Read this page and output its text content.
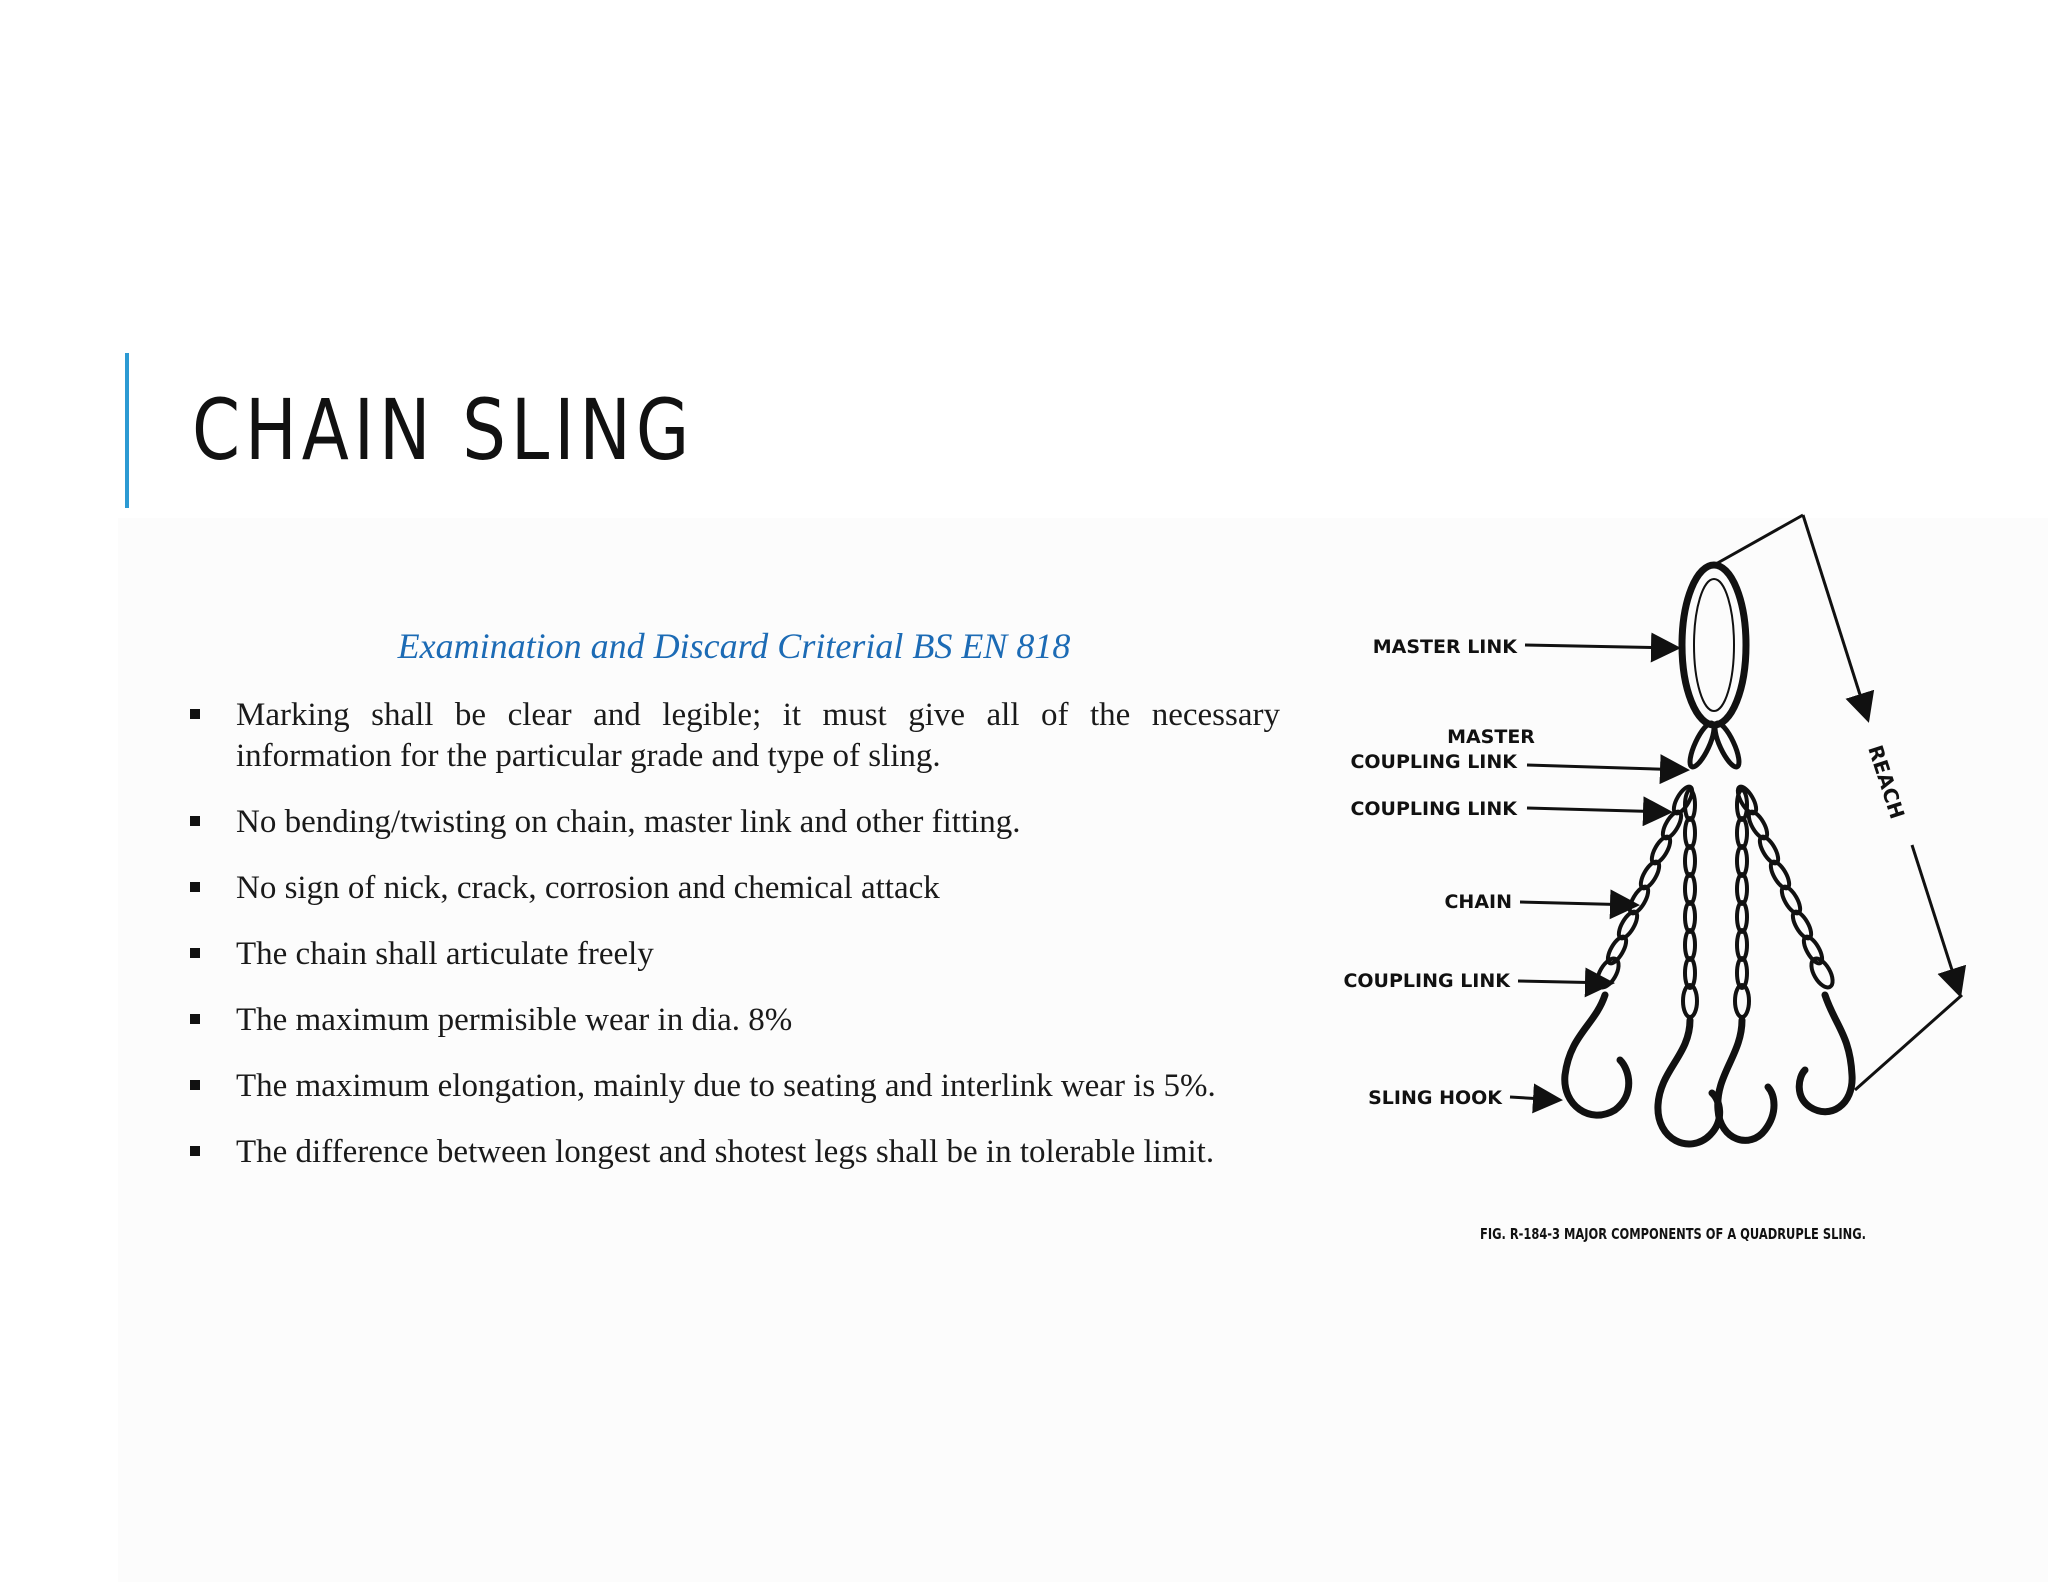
CHAIN SLING

Examination and Discard Criterial BS EN 818

Marking shall be clear and legible; it must give all of the necessary information for the particular grade and type of sling.
No bending/twisting on chain, master link and other fitting.
No sign of nick, crack, corrosion and chemical attack
The chain shall articulate freely
The maximum permisible wear in dia. 8%
The maximum elongation, mainly due to seating and interlink wear is 5%.
The difference between longest and shotest legs shall be in tolerable limit.
REACH
MASTER LINK
MASTER
COUPLING LINK
COUPLING LINK
CHAIN
COUPLING LINK
SLING HOOK
FIG. R-184-3 MAJOR COMPONENTS OF A QUADRUPLE SLING.
